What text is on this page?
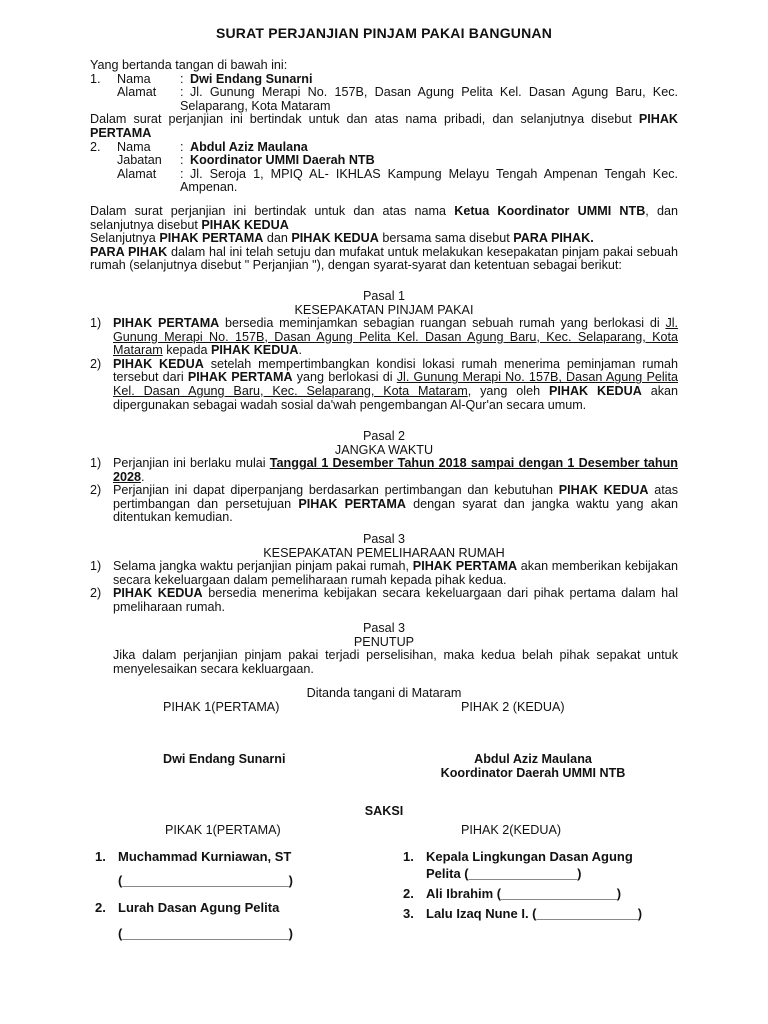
SURAT PERJANJIAN PINJAM PAKAI BANGUNAN
Yang bertanda tangan di bawah ini:
1. Nama : Dwi Endang Sunarni
Alamat : Jl. Gunung Merapi No. 157B, Dasan Agung Pelita Kel. Dasan Agung Baru, Kec. Selaparang, Kota Mataram
Dalam surat perjanjian ini bertindak untuk dan atas nama pribadi, dan selanjutnya disebut PIHAK PERTAMA
2. Nama : Abdul Aziz Maulana
Jabatan : Koordinator UMMI Daerah NTB
Alamat : Jl. Seroja 1, MPIQ AL- IKHLAS Kampung Melayu Tengah Ampenan Tengah Kec. Ampenan.
Dalam surat perjanjian ini bertindak untuk dan atas nama Ketua Koordinator UMMI NTB, dan selanjutnya disebut PIHAK KEDUA
Selanjutnya PIHAK PERTAMA dan PIHAK KEDUA bersama sama disebut PARA PIHAK.
PARA PIHAK dalam hal ini telah setuju dan mufakat untuk melakukan kesepakatan pinjam pakai sebuah rumah (selanjutnya disebut " Perjanjian "), dengan syarat-syarat dan ketentuan sebagai berikut:
Pasal 1
KESEPAKATAN PINJAM PAKAI
1) PIHAK PERTAMA bersedia meminjamkan sebagian ruangan sebuah rumah yang berlokasi di Jl. Gunung Merapi No. 157B, Dasan Agung Pelita Kel. Dasan Agung Baru, Kec. Selaparang, Kota Mataram kepada PIHAK KEDUA.
2) PIHAK KEDUA setelah mempertimbangkan kondisi lokasi rumah menerima peminjaman rumah tersebut dari PIHAK PERTAMA yang berlokasi di Jl. Gunung Merapi No. 157B, Dasan Agung Pelita Kel. Dasan Agung Baru, Kec. Selaparang, Kota Mataram, yang oleh PIHAK KEDUA akan dipergunakan sebagai wadah sosial da'wah pengembangan Al-Qur'an secara umum.
Pasal 2
JANGKA WAKTU
1) Perjanjian ini berlaku mulai Tanggal 1 Desember Tahun 2018 sampai dengan 1 Desember tahun 2028.
2) Perjanjian ini dapat diperpanjang berdasarkan pertimbangan dan kebutuhan PIHAK KEDUA atas pertimbangan dan persetujuan PIHAK PERTAMA dengan syarat dan jangka waktu yang akan ditentukan kemudian.
Pasal 3
KESEPAKATAN PEMELIHARAAN RUMAH
1) Selama jangka waktu perjanjian pinjam pakai rumah, PIHAK PERTAMA akan memberikan kebijakan secara kekeluargaan dalam pemeliharaan rumah kepada pihak kedua.
2) PIHAK KEDUA bersedia menerima kebijakan secara kekeluargaan dari pihak pertama dalam hal pmeliharaan rumah.
Pasal 3
PENUTUP
Jika dalam perjanjian pinjam pakai terjadi perselisihan, maka kedua belah pihak sepakat untuk menyelesaikan secara kekluargaan.
Ditanda tangani di Mataram
PIHAK 1(PERTAMA)	PIHAK 2 (KEDUA)
Dwi Endang Sunarni	Abdul Aziz Maulana
Koordinator Daerah UMMI NTB
SAKSI
PIKAK 1(PERTAMA)	PIHAK 2(KEDUA)
1. Muchammad Kurniawan, ST
(_______________________)
2. Lurah Dasan Agung Pelita
(_______________________)
1. Kepala Lingkungan Dasan Agung
Pelita (_______________)
2. Ali Ibrahim (________________)
3. Lalu Izaq Nune I. (______________)
